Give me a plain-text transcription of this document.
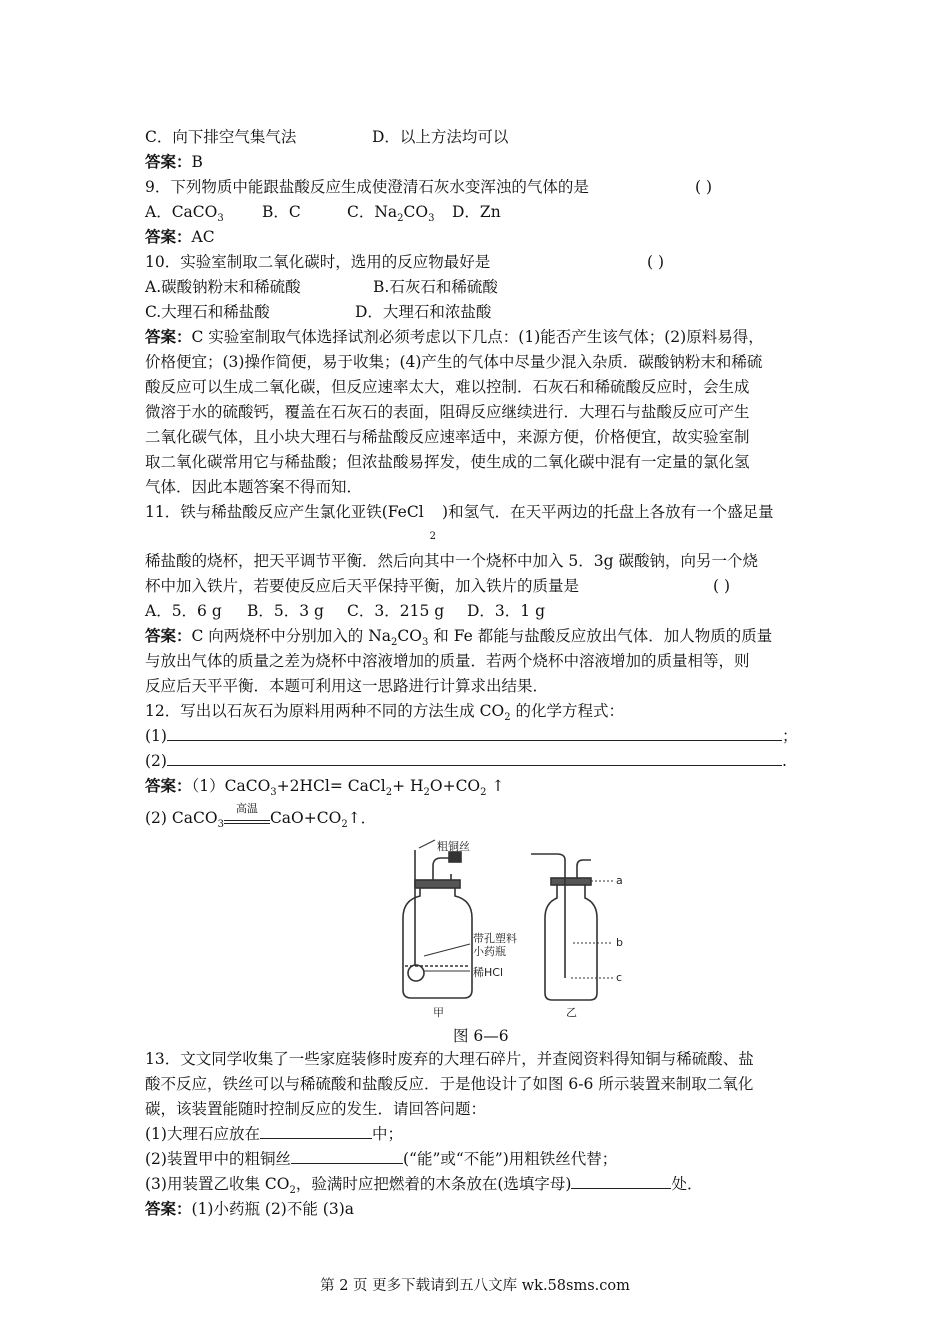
C．向下排空气集气法	D．以上方法均可以
答案：B
9．下列物质中能跟盐酸反应生成使澄清石灰水变浑浊的气体的是	( )
A．CaCO$_3$ B．C	C．$Na_2CO_3$ D．Zn
答案：AC
10．实验室制取二氧化碳时，选用的反应物最好是	( )
A.碳酸钠粉末和稀硫酸	B.石灰石和稀硫酸
C.大理石和稀盐酸	D．大理石和浓盐酸
答案：C 实验室制取气体选择试剂必须考虑以下几点：(1)能否产生该气体；(2)原料易得，
价格便宜；(3)操作简便，易于收集；(4)产生的气体中尽量少混入杂质．碳酸钠粉末和稀硫
酸反应可以生成二氧化碳，但反应速率太大，难以控制．石灰石和稀硫酸反应时，会生成
微溶于水的硫酸钙，覆盖在石灰石的表面，阻碍反应继续进行．大理石与盐酸反应可产生
二氧化碳气体，且小块大理石与稀盐酸反应速率适中，来源方便，价格便宜，故实验室制
取二氧化碳常用它与稀盐酸；但浓盐酸易挥发，使生成的二氧化碳中混有一定量的氯化氢
气体．因此本题答案不得而知．
11．铁与稀盐酸反应产生氯化亚铁(FeCl$_2$)和氢气．在天平两边的托盘上各放有一个盛足量
稀盐酸的烧杯，把天平调节平衡．然后向其中一个烧杯中加入 5．3g 碳酸钠，向另一个烧
杯中加入铁片，若要使反应后天平保持平衡，加入铁片的质量是	( )
A．5．6 g B．5．3 g C．3．215 g D．3．1 g
答案：C 向两烧杯中分别加入的 $Na_2CO_3$ 和 Fe 都能与盐酸反应放出气体．加人物质的质量
与放出气体的质量之差为烧杯中溶液增加的质量．若两个烧杯中溶液增加的质量相等，则
反应后天平平衡．本题可利用这一思路进行计算求出结果．
12．写出以石灰石为原料用两种不同的方法生成 $CO_2$ 的化学方程式：
(1)	；
(2)	.
答案：（1）CaCO$_3$+2HCl= CaCl$_2$+ $H_2O+CO_2$ ↑
(2) CaCO$_3$
高温
$CaO+CO_2↑$．
粗铜丝
带孔塑料
小药瓶
稀HCl
甲	乙
a
b
c
图 6—6
13．文文同学收集了一些家庭装修时废弃的大理石碎片，并查阅资料得知铜与稀硫酸、盐
酸不反应，铁丝可以与稀硫酸和盐酸反应．于是他设计了如图 6-6 所示装置来制取二氧化
碳，该装置能随时控制反应的发生．请回答问题：
(1)大理石应放在	中；
(2)装置甲中的粗铜丝	(“能”或“不能”)用粗铁丝代替；
(3)用装置乙收集 $CO_2$，验满时应把燃着的木条放在(选填字母)	处．
答案：(1)小药瓶 (2)不能 (3)a
第 2 页 更多下载请到五八文库 wk.58sms.com
